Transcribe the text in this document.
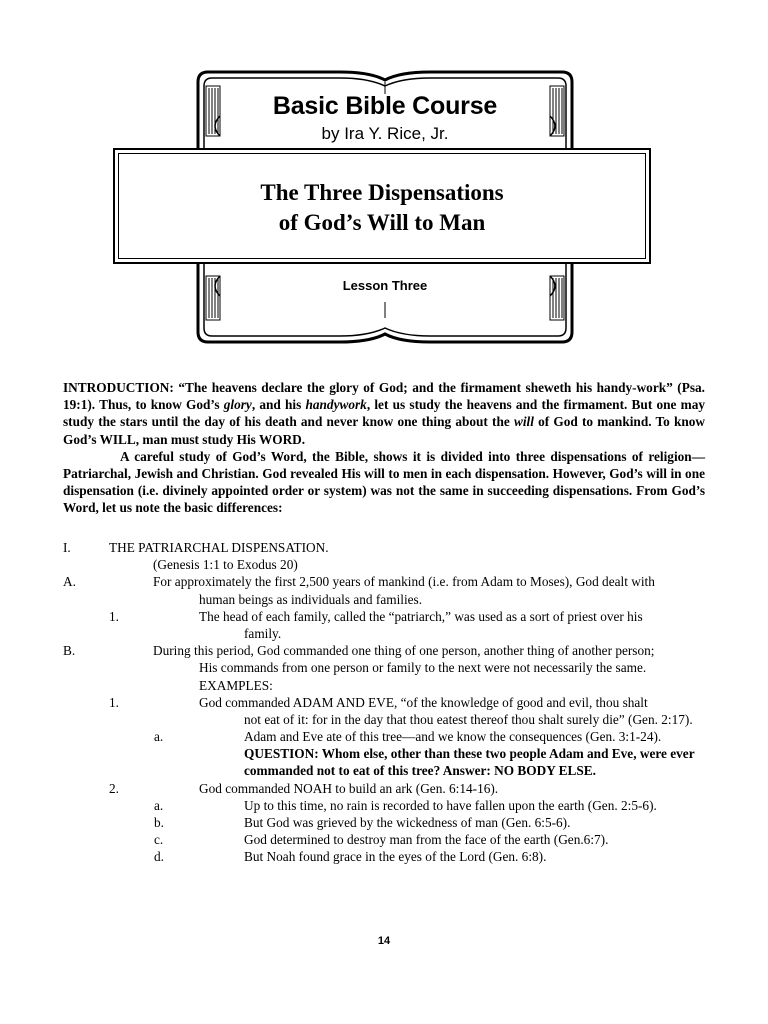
Basic Bible Course
by Ira Y. Rice, Jr.
Lesson Three
The Three Dispensations
of God’s Will to Man

INTRODUCTION: “The heavens declare the glory of God; and the firmament sheweth his handy-work” (Psa. 19:1). Thus, to know God’s glory, and his handywork, let us study the heavens and the firmament. But one may study the stars until the day of his death and never know one thing about the will of God to mankind. To know God’s WILL, man must study His WORD.

A careful study of God’s Word, the Bible, shows it is divided into three dispensations of religion—Patriarchal, Jewish and Christian. God revealed His will to men in each dispensation. However, God’s will in one dispensation (i.e. divinely appointed order or system) was not the same in succeeding dispensations. From God’s Word, let us note the basic differences:

I.	THE PATRIARCHAL DISPENSATION.
(Genesis 1:1 to Exodus 20)
A.	For approximately the first 2,500 years of mankind (i.e. from Adam to Moses), God dealt with
human beings as individuals and families.
1.	The head of each family, called the “patriarch,” was used as a sort of priest over his
family.
B.	During this period, God commanded one thing of one person, another thing of another person;
His commands from one person or family to the next were not necessarily the same.
EXAMPLES:
1.	God commanded ADAM AND EVE, “of the knowledge of good and evil, thou shalt
not eat of it: for in the day that thou eatest thereof thou shalt surely die” (Gen. 2:17).
a.	Adam and Eve ate of this tree—and we know the consequences (Gen. 3:1-24).
QUESTION: Whom else, other than these two people Adam and Eve, were ever
commanded not to eat of this tree? Answer: NO BODY ELSE.
2.	God commanded NOAH to build an ark (Gen. 6:14-16).
a.	Up to this time, no rain is recorded to have fallen upon the earth (Gen. 2:5-6).
b.	But God was grieved by the wickedness of man (Gen. 6:5-6).
c.	God determined to destroy man from the face of the earth (Gen.6:7).
d.	But Noah found grace in the eyes of the Lord (Gen. 6:8).
14
